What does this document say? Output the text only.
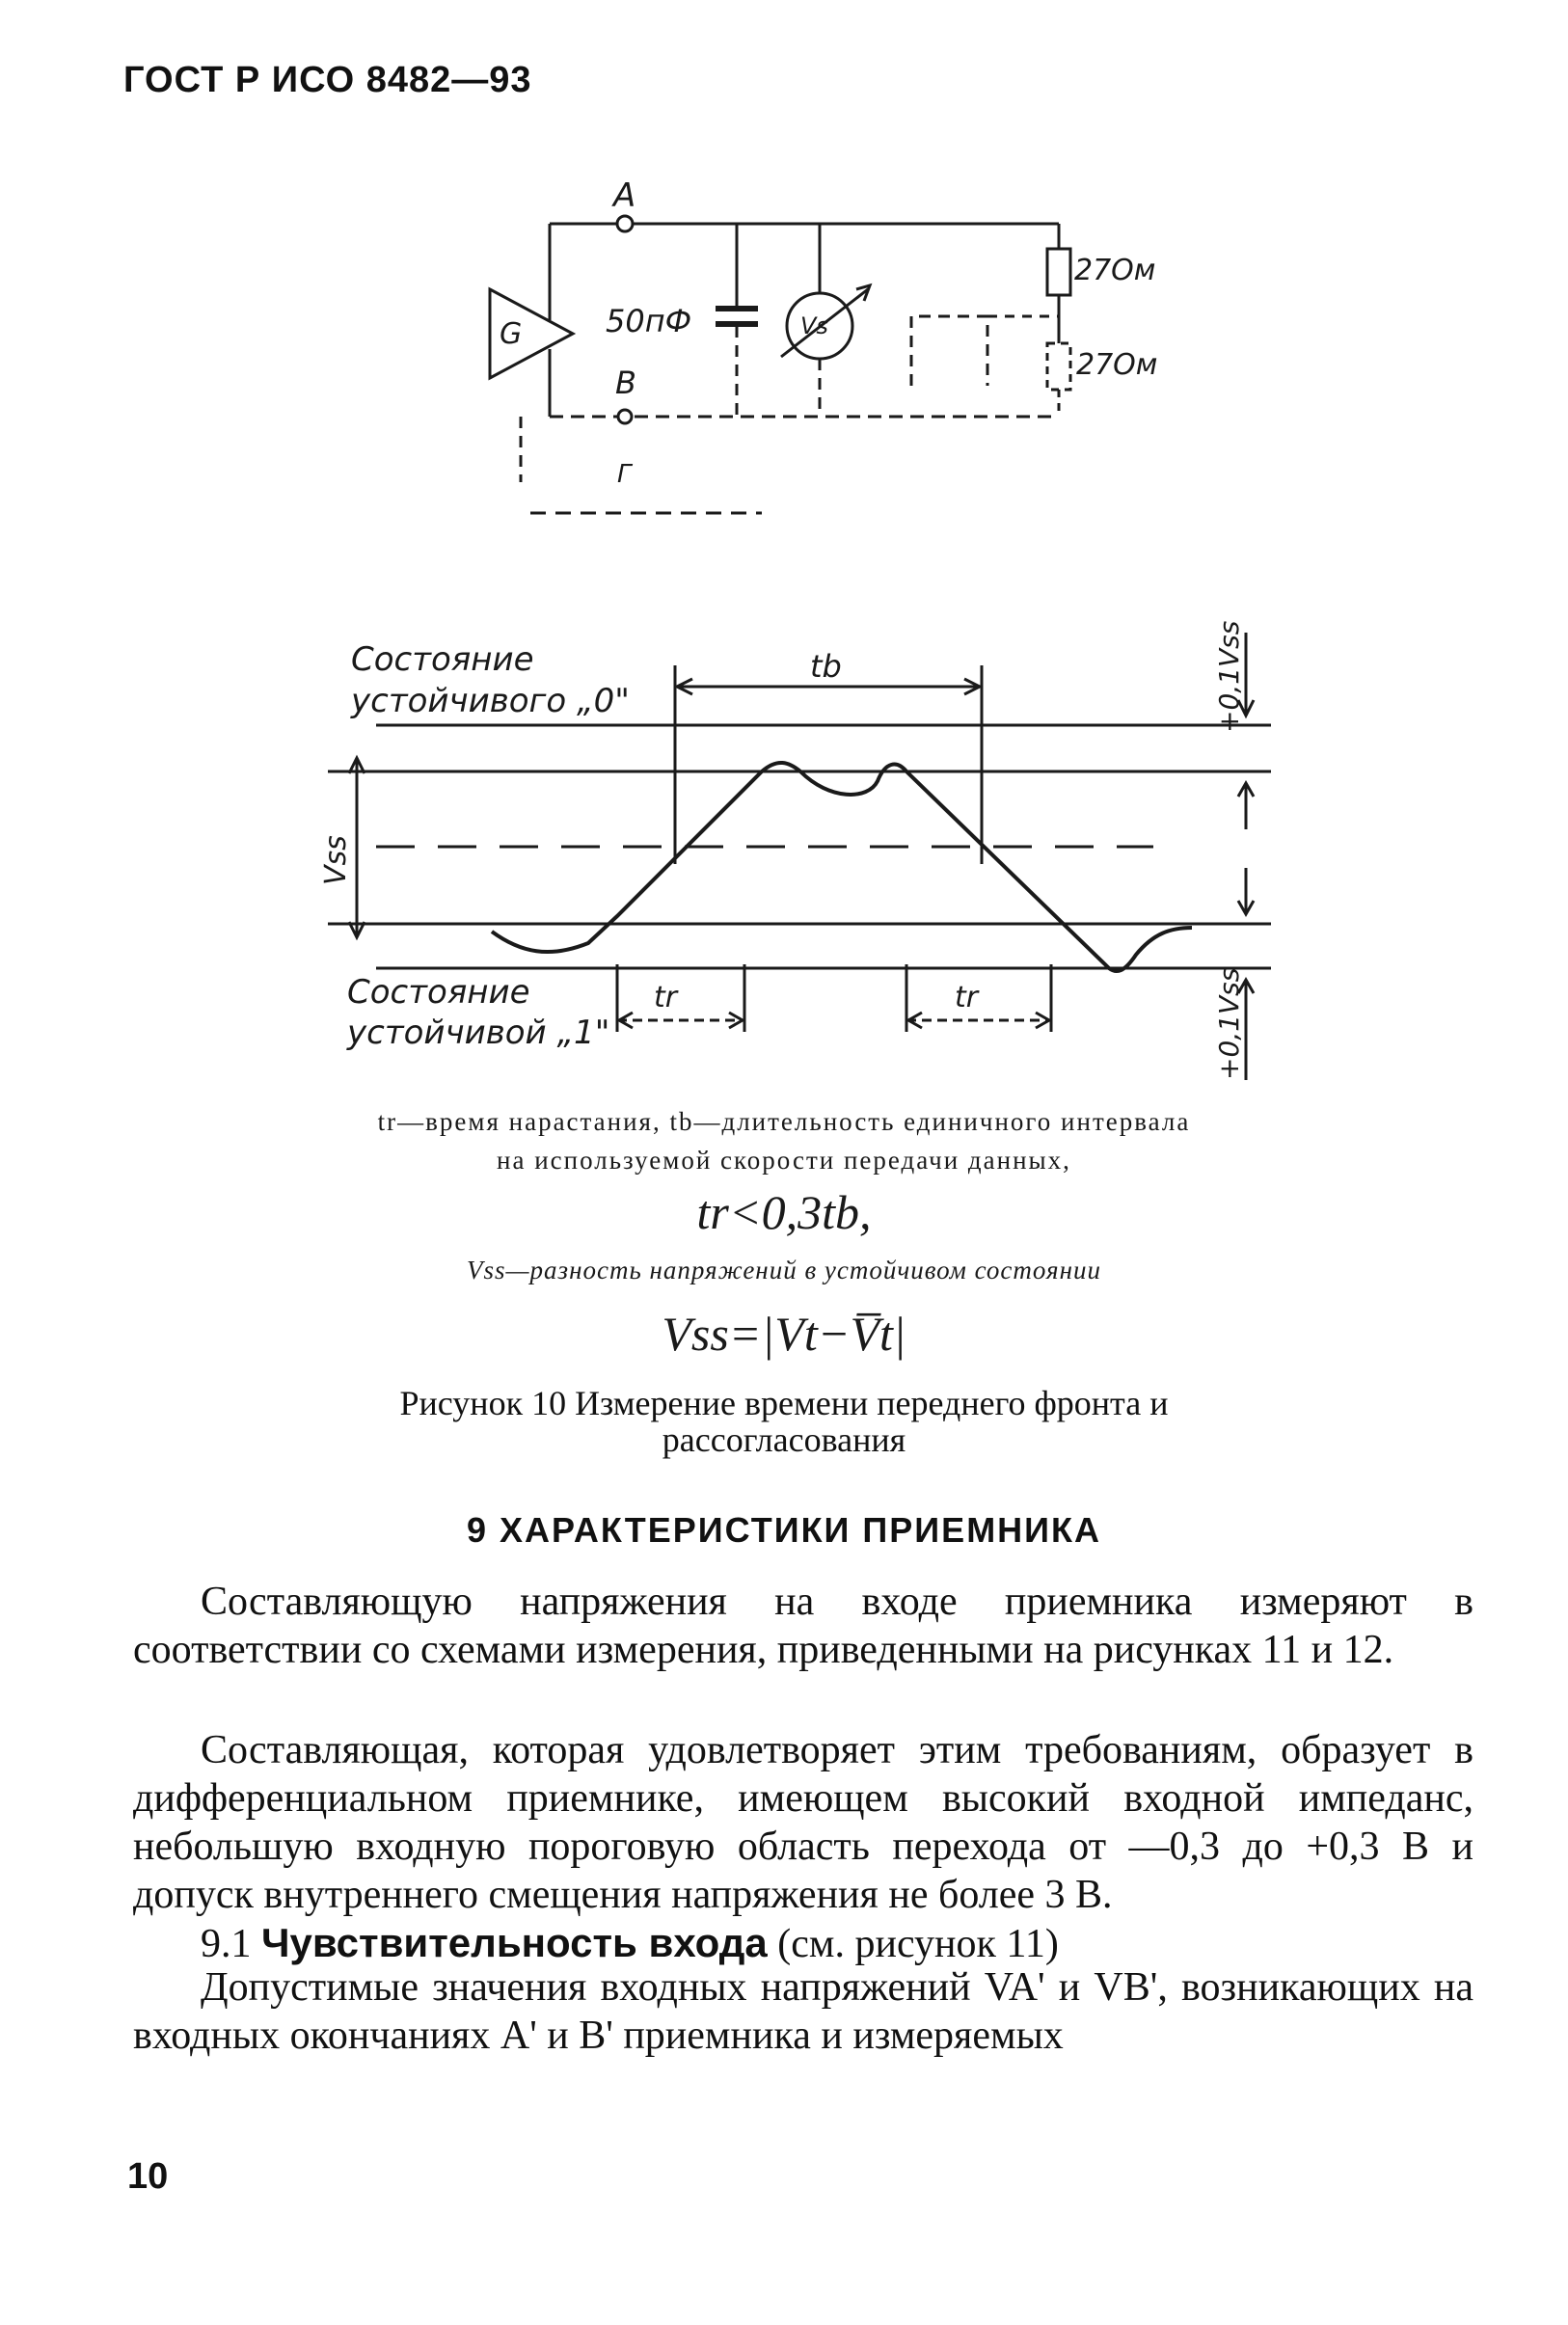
ГОСТ Р ИСО 8482—93
A
G	50пФ
B
Г
Vs
27Ом
27Ом
Состояние
устойчивого „0"
Состояние
устойчивой „1"
tb
tr	tr
Vss
+0,1Vss
+0,1Vss
tr—время нарастания, tb—длительность единичного интервала
на используемой скорости передачи данных,
tr<0,3tb,
Vss—разность напряжений в устойчивом состоянии
Vss=|Vt−V̅t|
Рисунок 10 Измерение времени переднего фронта и
рассогласования
9 ХАРАКТЕРИСТИКИ ПРИЕМНИКА
Составляющую напряжения на входе приемника измеряют в соответствии со схемами измерения, приведенными на рисунках 11 и 12.
Составляющая, которая удовлетворяет этим требованиям, образует в дифференциальном приемнике, имеющем высокий входной импеданс, небольшую входную пороговую область перехода от —0,3 до +0,3 В и допуск внутреннего смещения напряжения не более 3 В.
9.1 Чувствительность входа (см. рисунок 11)
Допустимые значения входных напряжений VA' и VB', возникающих на входных окончаниях A' и B' приемника и измеряемых
10
